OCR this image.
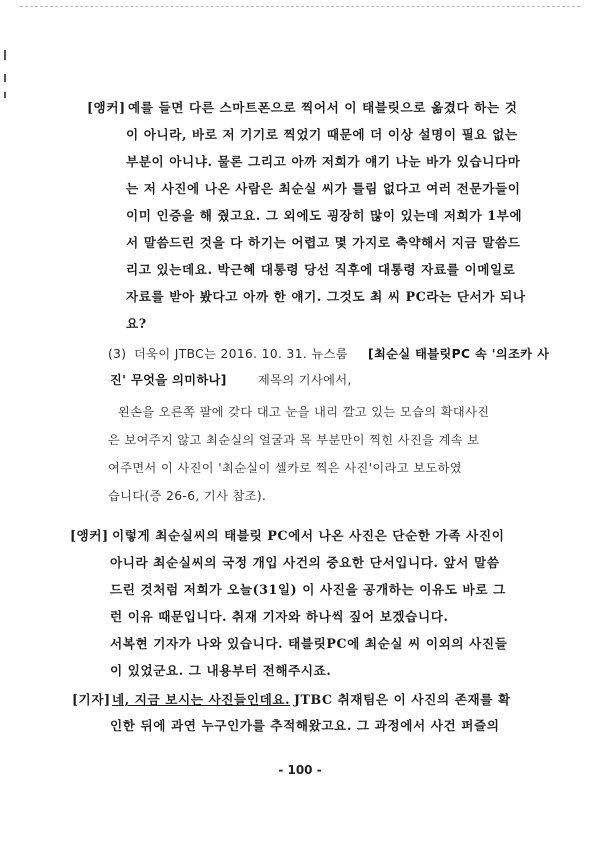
[앵커] 예를 들면 다른 스마트폰으로 찍어서 이 태블릿으로 옮겼다 하는 것
이 아니라, 바로 저 기기로 찍었기 때문에 더 이상 설명이 필요 없는
부분이 아니냐. 물론 그리고 아까 저희가 얘기 나눈 바가 있습니다마
는 저 사진에 나온 사람은 최순실 씨가 틀림 없다고 여러 전문가들이
이미 인증을 해 줬고요. 그 외에도 굉장히 많이 있는데 저희가 1부에
서 말씀드린 것을 다 하기는 어렵고 몇 가지로 축약해서 지금 말씀드
리고 있는데요. 박근혜 대통령 당선 직후에 대통령 자료를 이메일로
자료를 받아 봤다고 아까 한 얘기. 그것도 최 씨 PC라는 단서가 되나
요?
(3) 더욱이 JTBC는 2016. 10. 31. 뉴스룸 [최순실 태블릿PC 속 '의조카 사
진' 무엇을 의미하나]	제목의 기사에서,
왼손을 오른쪽 팔에 갖다 대고 눈을 내리 깔고 있는 모습의 확대사진
은 보여주지 않고 최순실의 얼굴과 목 부분만이 찍힌 사진을 계속 보
여주면서 이 사진이 '최순실이 셀카로 찍은 사진'이라고 보도하였
습니다(증 26-6, 기사 참조).
[앵커] 이렇게 최순실씨의 태블릿 PC에서 나온 사진은 단순한 가족 사진이
아니라 최순실씨의 국정 개입 사건의 중요한 단서입니다. 앞서 말씀
드린 것처럼 저희가 오늘(31일) 이 사진을 공개하는 이유도 바로 그
런 이유 때문입니다. 취재 기자와 하나씩 짚어 보겠습니다.
서복현 기자가 나와 있습니다. 태블릿PC에 최순실 씨 이외의 사진들
이 있었군요. 그 내용부터 전해주시죠.
[기자] 네, 지금 보시는 사진들인데요. JTBC 취재팀은 이 사진의 존재를 확
인한 뒤에 과연 누구인가를 추적해왔고요. 그 과정에서 사건 퍼즐의
- 100 -
